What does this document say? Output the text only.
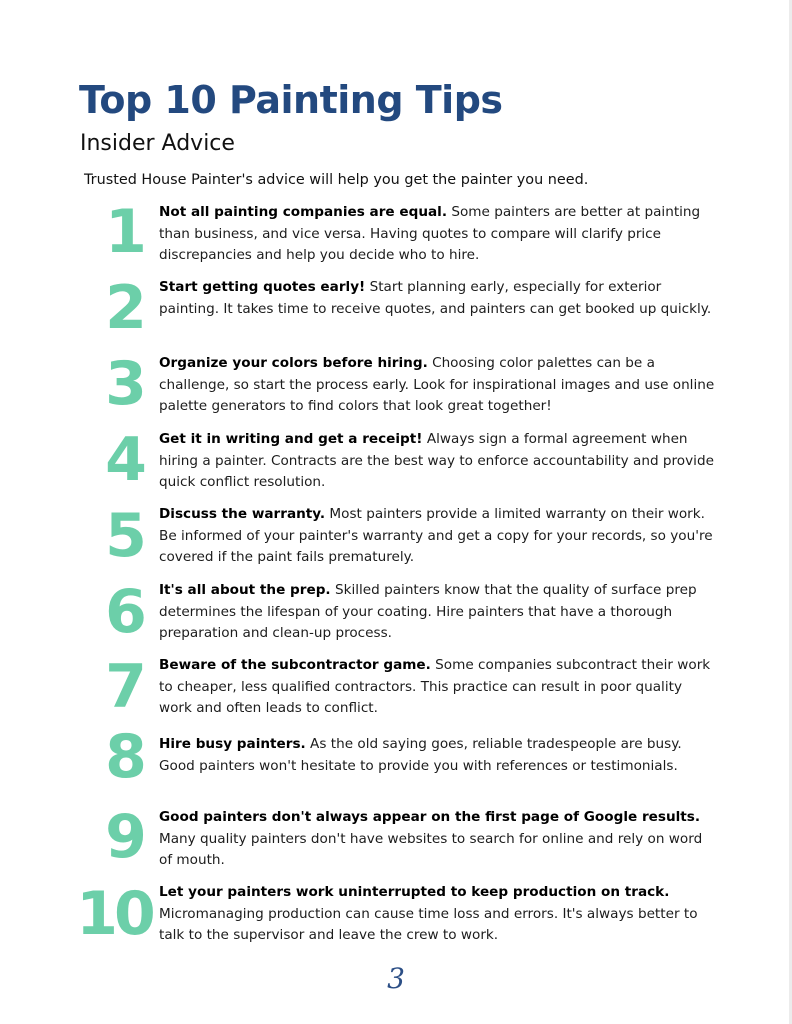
Top 10 Painting Tips
Insider Advice

Trusted House Painter's advice will help you get the painter you need.

1 Not all painting companies are equal. Some painters are better at painting than business, and vice versa. Having quotes to compare will clarify price discrepancies and help you decide who to hire.

2 Start getting quotes early! Start planning early, especially for exterior painting. It takes time to receive quotes, and painters can get booked up quickly.

3 Organize your colors before hiring. Choosing color palettes can be a challenge, so start the process early. Look for inspirational images and use online palette generators to find colors that look great together!

4 Get it in writing and get a receipt! Always sign a formal agreement when hiring a painter. Contracts are the best way to enforce accountability and provide quick conflict resolution.

5 Discuss the warranty. Most painters provide a limited warranty on their work. Be informed of your painter's warranty and get a copy for your records, so you're covered if the paint fails prematurely.

6 It's all about the prep. Skilled painters know that the quality of surface prep determines the lifespan of your coating. Hire painters that have a thorough preparation and clean-up process.

7 Beware of the subcontractor game. Some companies subcontract their work to cheaper, less qualified contractors. This practice can result in poor quality work and often leads to conflict.

8 Hire busy painters. As the old saying goes, reliable tradespeople are busy. Good painters won't hesitate to provide you with references or testimonials.

9 Good painters don't always appear on the first page of Google results. Many quality painters don't have websites to search for online and rely on word of mouth.

10 Let your painters work uninterrupted to keep production on track. Micromanaging production can cause time loss and errors. It's always better to talk to the supervisor and leave the crew to work.

3
